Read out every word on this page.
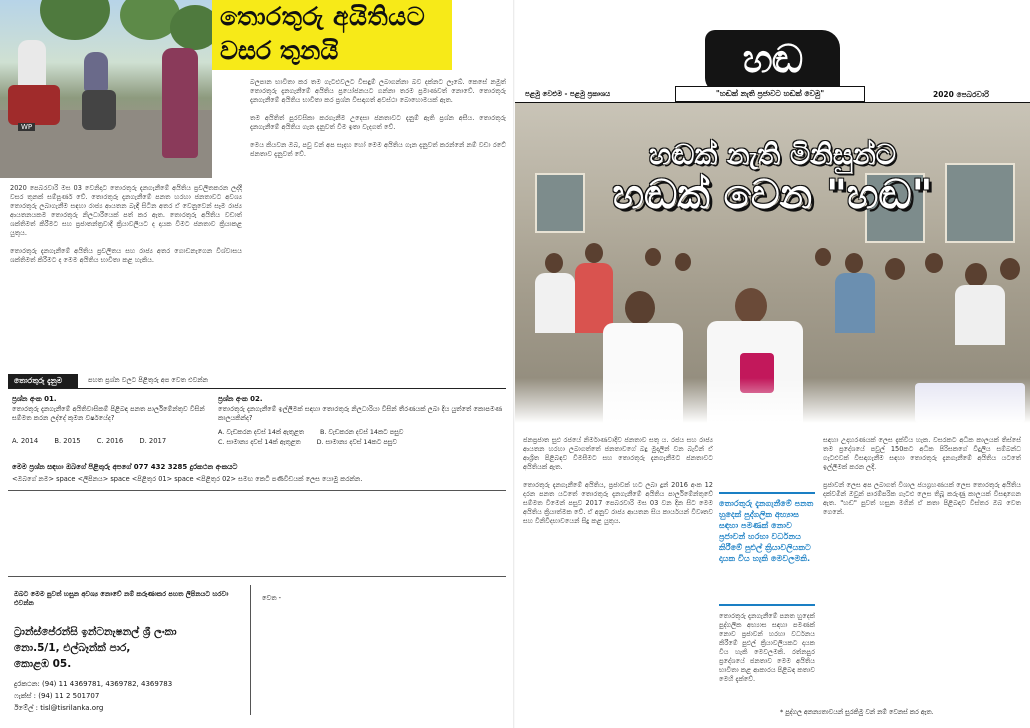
WP
තොරතුරු අයිතියට
වසර තුනයි
2020 පෙබරවාරි මස 03 වෙනිදාට තොරතුරු දැනගැනීමේ අයිතිය ප්‍රචලිතකරන ලද්දී වසර තුනක් සම්පූර්ණ වේ. තොරතුරු දැනගැනීමේ පනත හරහා ජනතාවට අවශ්‍ය තොරතුරු ලබාගැනීම සඳහා රාජ්‍ය ආයතන බැඳී සිටින අතර ඒ වෙනුවෙන් සෑම රාජ්‍ය ආයතනයකම තොරතුරු නිලධාරීයෙක් පත් කර ඇත. තොරතුරු අයිතිය වඩාත් ශක්තිමත් කිරීමට සහ ප්‍රජාතන්ත්‍රවාදී ක්‍රියාවලියට ද දායක වීමට ජනතාව ක්‍රියාකළ යුතුය.

තොරතුරු දැනගැනීමේ අයිතිය ප්‍රචලිතය සහ රාජ්‍ය අතර ගොඩනැගෙන විශ්වාසය ශක්තිමත් කිරීමට ද මෙම අයිතිය භාවිතා කළ හැකිය.
බලපාන භාවිතා කර තම ගැටළුවලට විසඳුම් ලබාගන්නා බව දක්නට ලැබේ. කෙසේ නමුත් තොරතුරු දැනගැනීමේ අයිතිය ප්‍රයෝජනයට ගන්නා තරම ප්‍රමාණවත් නොවේ. තොරතුරු දැනගැනීමේ අයිතිය භාවිතා කර ප්‍රශ්න විසඳාගත් අවස්ථා බොහොමයක් ඇත.

තම අයිතිත් පුරවසිකා කරගැනීම උදෙසා ජනතාවට දැනුම් ඇති ප්‍රශ්න අසීය. තොරතුරු දැනගැනීමේ අයිතිය ගැන දැනුවත් වීම ඉතා වැදගත් වේ.

මෙය කියවන ඔබ, පවු වන් අප සැදහ හෝ මෙම අයිතිය ගැන දැනුවත් කරන්නේ නම් වඩා රටේ ජනතාව දැනුවත් වේ.
තොරතුරු දැනුම	පහත ප්‍රශ්න වලට පිළිතුරු අප වෙත එවන්න
ප්‍රශ්න අංක 01.
තොරතුරු දැනගැනීමේ අයිතිවාසිකම් පිළිබඳ පනත පාර්ලිමේන්තුව විසින් සම්මත කරන ලද්දේ කුමන වර්ෂයේද?
A. 2014 B. 2015 C. 2016 D. 2017
ප්‍රශ්න අංක 02.
තොරතුරු දැනගැනීමේ ඉල්ලීමක් සඳහා තොරතුරු නිලධාරියා විසින් තීරණයක් ලබා දිය යුත්තේ කොපමණ කාලයකින්ද?
A. වැඩකරන දවස් 14ක් ඇතුළත	B. වැඩකරන දවස් 14කට පසුව
C. සාමාන්‍ය දවස් 14ක් ඇතුළත	D. සාමාන්‍ය දවස් 14කට පසුව
මෙම ප්‍රශ්න සඳහා ඔබගේ පිළිතුරු අපගේ 077 432 3285 දුරකථන අංකයට
<ඔබගේ නම> space <ලිපිනය> space <පිළිතුර 01> space <පිළිතුර 02> සමඟ කෙටි පණිවිඩයක් ලෙස යොමු කරන්න.
ඔබට මෙම පුවත් හසුන අවශ්‍ය නොවේ නම් කරුණාකර පහත ලිපිනයට හරවා එවන්න
ට්‍රාන්ස්පේරන්සි ඉන්ටනැෂනල් ශ්‍රී ලංකා
නො.5/1, එල්බෑන්ක් පාර,
කොළඹ 05.
දුරකථන: (94) 11 4369781, 4369782, 4369783
ෆැක්ස් : (94) 11 2 501707
ඊමේල් : tisl@tisrilanka.org
වෙත -
හඬ
"හඬක් නැති ප්‍රජාවට හඬක් වෙමු"
පළමු වෙළුම - පළමු ප්‍රකාශය	2020 පෙබරවාරි
හඬක් නැති මිනිසුන්ට
හඬක් වෙන "හඬ"
ජනප්‍රජාත සුළු රජයේ නිර්මාණවාදීව ජනතාව සතු ය. රජය සහ රාජ්‍ය ආයතන හරහා ලබාගත්තේ ජනතාවගේ බදු මුදලින් වන බැවින් ඒ ආශ්‍රිත පිළිබඳව විමසීමට සහ තොරතුරු දැනගැනීමට ජනතාවට අයිතියක් ඇත.

තොරතුරු දැනගැනීමේ අයිතිය, ප්‍රජාවක් හට ලබා දුන් 2016 අංක 12 දරන පනත යටතේ තොරතුරු දැනගැනීමේ අයිතිය පාර්ලිමේන්තුවේ සම්මත වීමෙන් පසුව 2017 පෙබරවාරි මස 03 වන දින සිට මෙම අයිතිය ක්‍රියාත්මක වේ. ඒ අනුව රාජ්‍ය ආයතන සිය කාර්යයන් විවෘතව සහ විනිවිදභාවයෙන් සිදු කළ යුතුය.
තොරතුරු දැනගැනීමේ පනත හුදෙක් පුද්ගලික අභ්‍යාස සඳහා පමණක් නොව ප්‍රජාවන් හරහා වර්ධනය කිරීමේ පුළුල් ක්‍රියාවලියකට දායක විය හැකි මෙවලමකි.
තොරතුරු දැනගැනීමේ පනත හුදෙක් පුද්ගලික අභ්‍යාස සඳහා පමණක් නොව ප්‍රජාවන් හරහා වර්ධනය කිරීමේ පුළුල් ක්‍රියාවලියකට දායක විය හැකි මෙවලමකි. රත්නපුර ප්‍රදේශයේ ජනතාව මෙම අයිතිය භාවිතා කළ ආකාරය පිළිබඳ කතාව මෙහි දැක්වේ.
සඳහා උදාහරණයක් ලෙස දැක්විය හැක. වසරකට අධික කාලයක් තිස්සේ තම ප්‍රදේශයේ පවුල් 150කට අධික පිරිසකගේ විදුලිය සම්බන්ධ ගැටළුවක් විසඳාගැනීම සඳහා තොරතුරු දැනගැනීමේ අයිතිය යටතේ ඉල්ලීමක් කරන ලදී.

ප්‍රජාවන් ලෙස අප ලබාගත් විශාල ජයග්‍රහණයක් ලෙස තොරතුරු අයිතිය දක්වමින් ඔවුන් පාරම්පරික ගැටළු ලෙස තිබූ කරුණු කාලයක් විසඳාගෙන ඇත. "හඬ" පුවත් හසුන මගින් ඒ කතා පිළිබඳව විස්තර ඔබ වෙත ගෙනේ.
* පුද්ගල අනන්‍යතාවයන් සුරකිමු වන් නම් වෙනස් කර ඇත.
